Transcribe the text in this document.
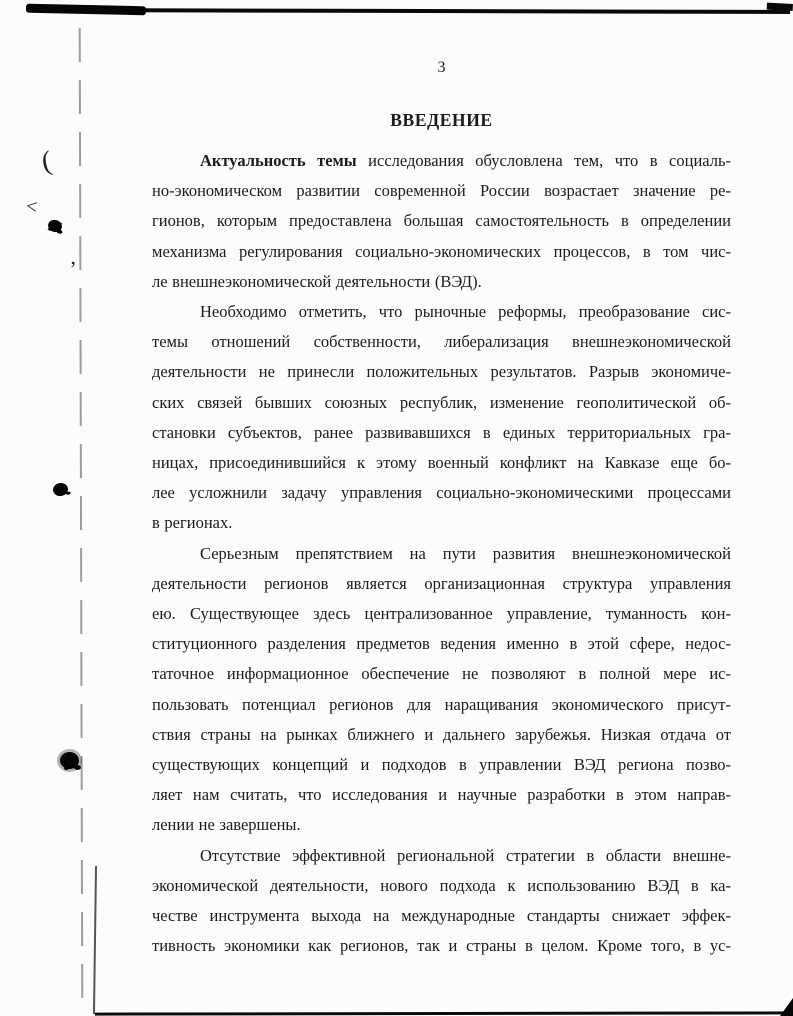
3
ВВЕДЕНИЕ
Актуальность темы исследования обусловлена тем, что в социаль-
но-экономическом развитии современной России возрастает значение ре-
гионов, которым предоставлена большая самостоятельность в определении
механизма регулирования социально-экономических процессов, в том чис-
ле внешнеэкономической деятельности (ВЭД).
Необходимо отметить, что рыночные реформы, преобразование сис-
темы отношений собственности, либерализация внешнеэкономической
деятельности не принесли положительных результатов. Разрыв экономиче-
ских связей бывших союзных республик, изменение геополитической об-
становки субъектов, ранее развивавшихся в единых территориальных гра-
ницах, присоединившийся к этому военный конфликт на Кавказе еще бо-
лее усложнили задачу управления социально-экономическими процессами
в регионах.
Серьезным препятствием на пути развития внешнеэкономической
деятельности регионов является организационная структура управления
ею. Существующее здесь централизованное управление, туманность кон-
ституционного разделения предметов ведения именно в этой сфере, недос-
таточное информационное обеспечение не позволяют в полной мере ис-
пользовать потенциал регионов для наращивания экономического присут-
ствия страны на рынках ближнего и дальнего зарубежья. Низкая отдача от
существующих концепций и подходов в управлении ВЭД региона позво-
ляет нам считать, что исследования и научные разработки в этом направ-
лении не завершены.
Отсутствие эффективной региональной стратегии в области внешне-
экономической деятельности, нового подхода к использованию ВЭД в ка-
честве инструмента выхода на международные стандарты снижает эффек-
тивность экономики как регионов, так и страны в целом. Кроме того, в ус-
(
<
,
